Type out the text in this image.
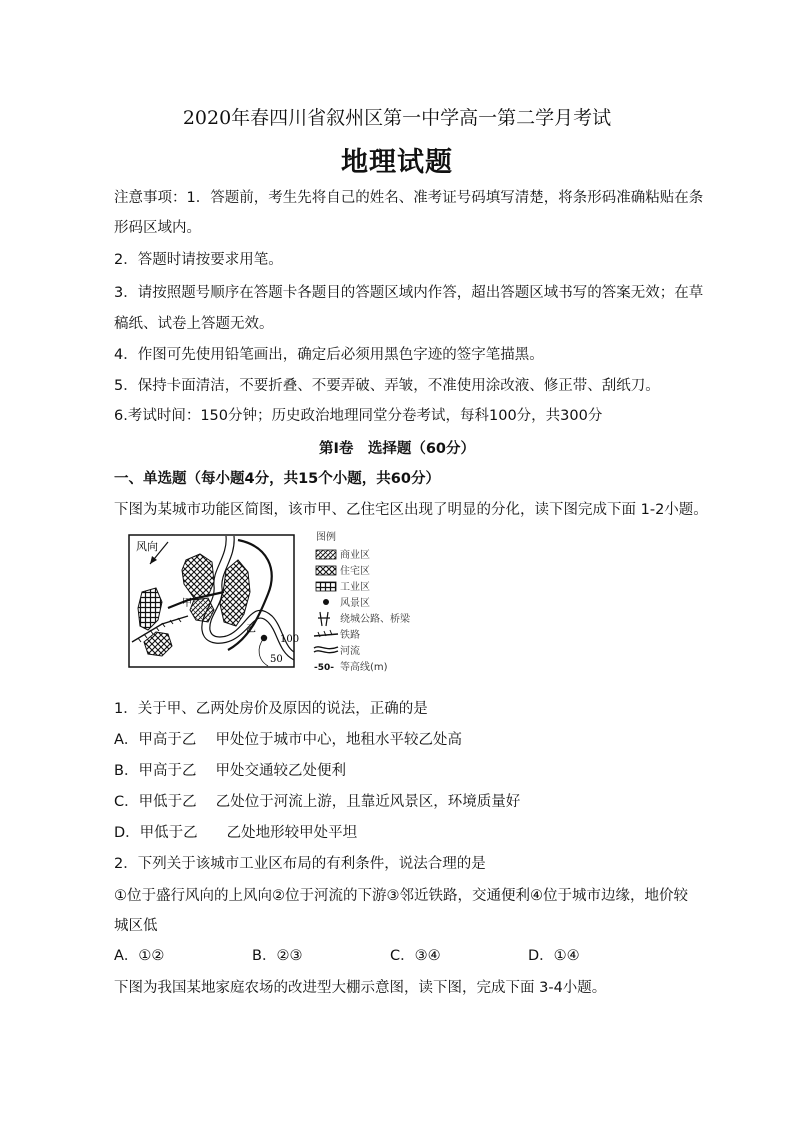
2020年春四川省叙州区第一中学高一第二学月考试
地理试题
注意事项：1．答题前，考生先将自己的姓名、准考证号码填写清楚，将条形码准确粘贴在条
形码区域内。
2．答题时请按要求用笔。
3．请按照题号顺序在答题卡各题目的答题区域内作答，超出答题区域书写的答案无效；在草
稿纸、试卷上答题无效。
4．作图可先使用铅笔画出，确定后必须用黑色字迹的签字笔描黑。
5．保持卡面清洁，不要折叠、不要弄破、弄皱，不准使用涂改液、修正带、刮纸刀。
6.考试时间：150分钟；历史政治地理同堂分卷考试，每科100分，共300分
第Ⅰ卷　选择题（60分）
一、单选题（每小题4分，共15个小题，共60分）
下图为某城市功能区简图，该市甲、乙住宅区出现了明显的分化，读下图完成下面 1-2小题。
风向
甲
乙
100
50
图例
商业区
住宅区
工业区
风景区
绕城公路、桥梁
铁路
河流
-50- 等高线(m)
1．关于甲、乙两处房价及原因的说法，正确的是
A．甲高于乙　 甲处位于城市中心，地租水平较乙处高
B．甲高于乙　 甲处交通较乙处便利
C．甲低于乙　 乙处位于河流上游，且靠近风景区，环境质量好
D．甲低于乙　　乙处地形较甲处平坦
2．下列关于该城市工业区布局的有利条件，说法合理的是
①位于盛行风向的上风向②位于河流的下游③邻近铁路，交通便利④位于城市边缘，地价较
城区低
A．①②	B．②③	C．③④	D．①④
下图为我国某地家庭农场的改进型大棚示意图，读下图，完成下面 3-4小题。
